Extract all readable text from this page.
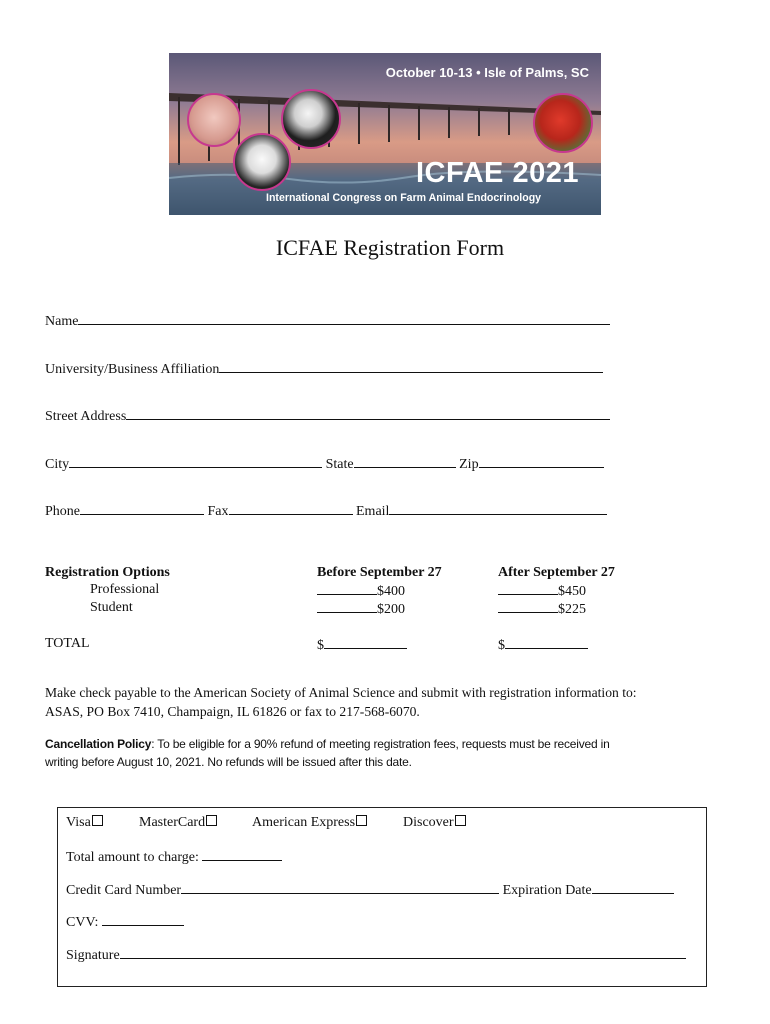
October 10-13 • Isle of Palms, SC
ICFAE 2021
International Congress on Farm Animal Endocrinology
ICFAE Registration Form
Name
University/Business Affiliation
Street Address
City	State	Zip
Phone	Fax	Email
Registration Options	Before September 27	After September 27
Professional	$400	$450
Student	$200	$225
TOTAL	$	$
Make check payable to the American Society of Animal Science and submit with registration information to:
ASAS, PO Box 7410, Champaign, IL 61826 or fax to 217-568-6070.
Cancellation Policy: To be eligible for a 90% refund of meeting registration fees, requests must be received in
writing before August 10, 2021. No refunds will be issued after this date.
Visa	MasterCard	American Express	Discover
Total amount to charge:
Credit Card Number	Expiration Date
CVV:
Signature
